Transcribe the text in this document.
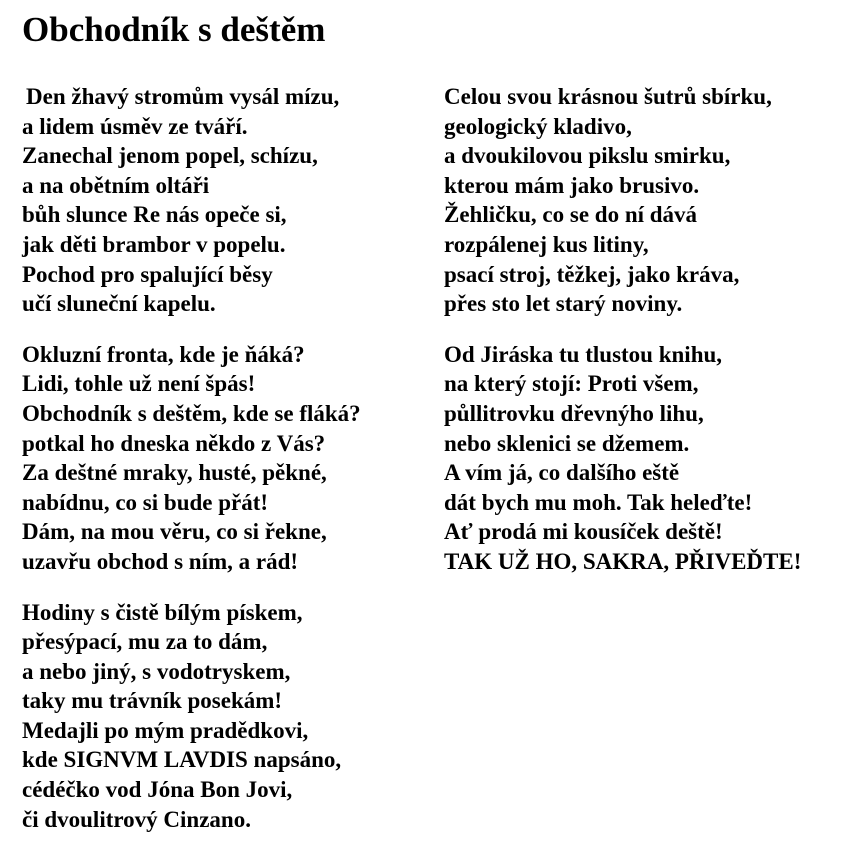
Obchodník s deštěm
Den žhavý stromům vysál mízu,
a lidem úsměv ze tváří.
Zanechal jenom popel, schízu,
a na obětním oltáři
bůh slunce Re nás opeče si,
jak děti brambor v popelu.
Pochod pro spalující běsy
učí sluneční kapelu.
Okluzní fronta, kde je ňáká?
Lidi, tohle už není špás!
Obchodník s deštěm, kde se fláká?
potkal ho dneska někdo z Vás?
Za deštné mraky, husté, pěkné,
nabídnu, co si bude přát!
Dám, na mou věru, co si řekne,
uzavřu obchod s ním, a rád!
Hodiny s čistě bílým pískem,
přesýpací, mu za to dám,
a nebo jiný, s vodotryskem,
taky mu trávník posekám!
Medajli po mým pradědkovi,
kde SIGNVM LAVDIS napsáno,
cédéčko vod Jóna Bon Jovi,
či dvoulitrový Cinzano.
Celou svou krásnou šutrů sbírku,
geologický kladivo,
a dvoukilovou pikslu smirku,
kterou mám jako brusivo.
Žehličku, co se do ní dává
rozpálenej kus litiny,
psací stroj, těžkej, jako kráva,
přes sto let starý noviny.
Od Jiráska tu tlustou knihu,
na který stojí: Proti všem,
půllitrovku dřevnýho lihu,
nebo sklenici se džemem.
A vím já, co dalšího eště
dát bych mu moh. Tak heleďte!
Ať prodá mi kousíček deště!
TAK UŽ HO, SAKRA, PŘIVEĎTE!
